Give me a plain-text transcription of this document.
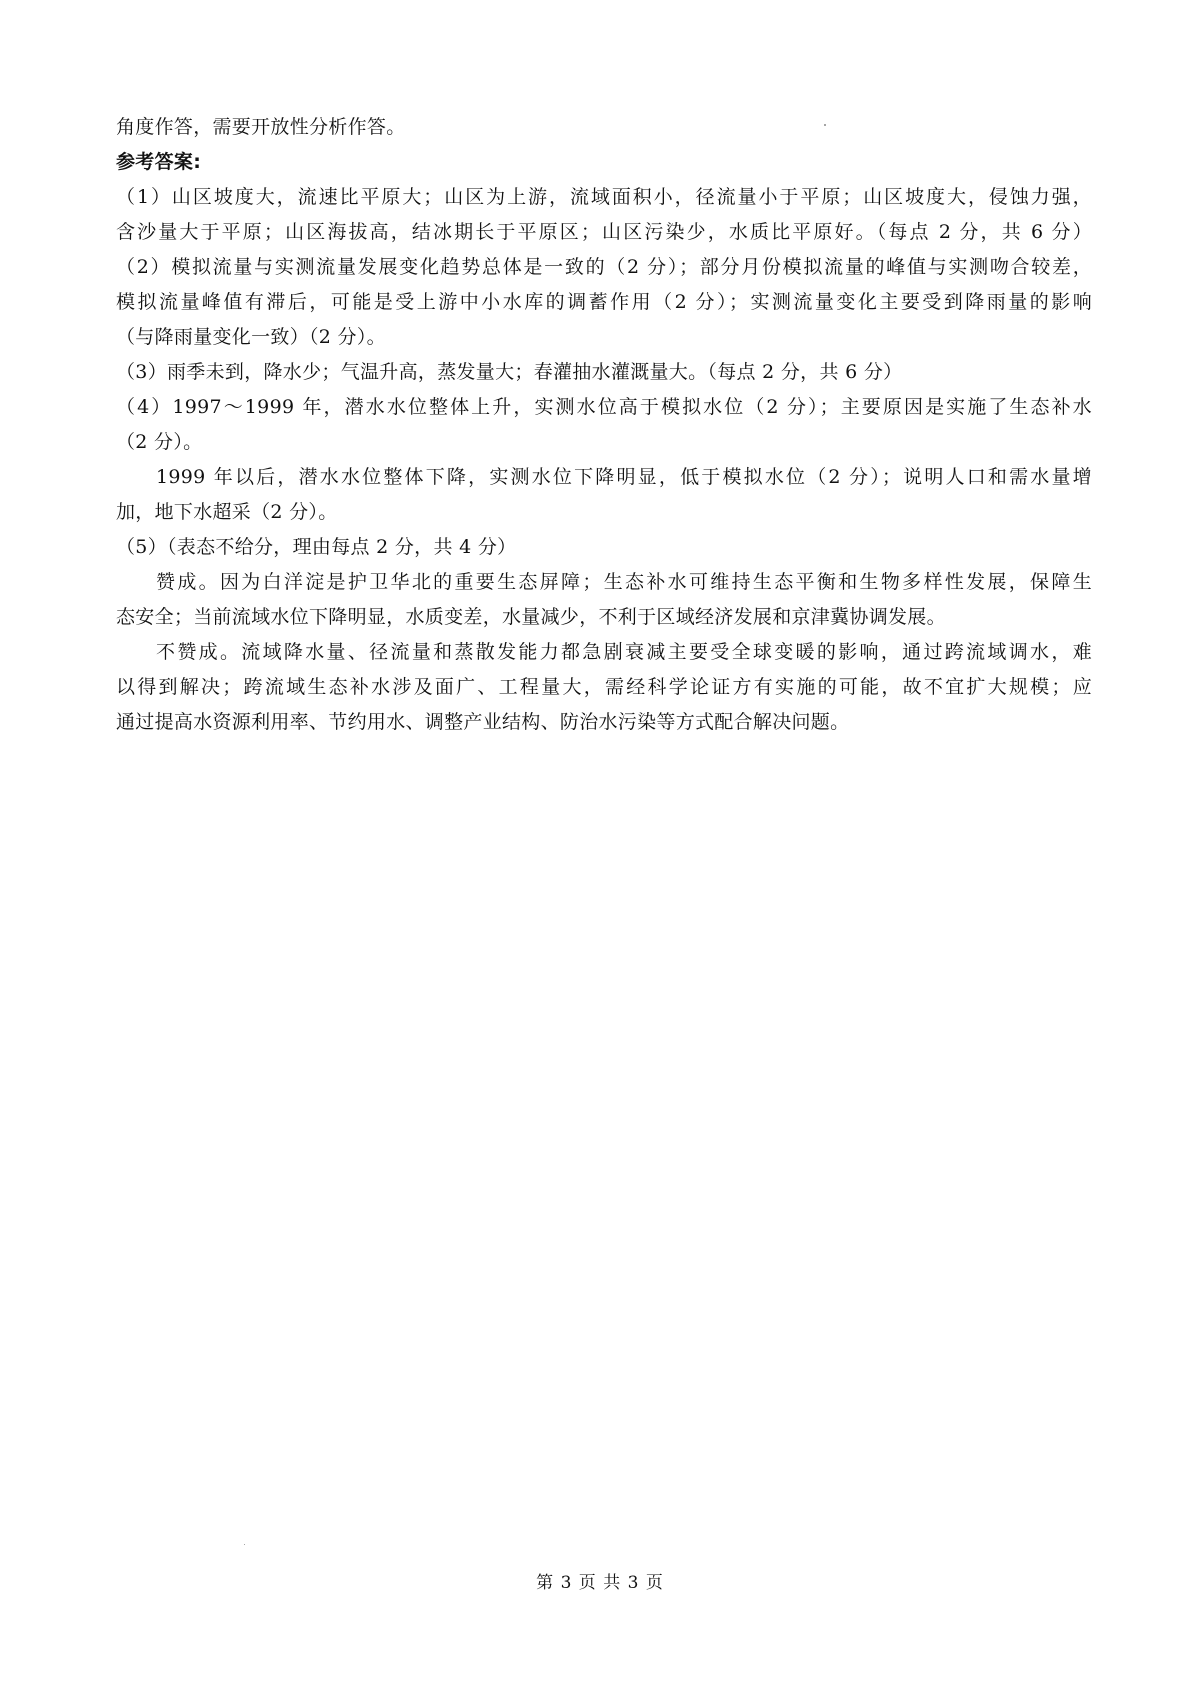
角度作答，需要开放性分析作答。
参考答案:
（1）山区坡度大，流速比平原大；山区为上游，流域面积小，径流量小于平原；山区坡度大，侵蚀力强，
含沙量大于平原；山区海拔高，结冰期长于平原区；山区污染少，水质比平原好。（每点 2 分，共 6 分）
（2）模拟流量与实测流量发展变化趋势总体是一致的（2 分）；部分月份模拟流量的峰值与实测吻合较差，
模拟流量峰值有滞后，可能是受上游中小水库的调蓄作用（2 分）；实测流量变化主要受到降雨量的影响
（与降雨量变化一致）（2 分）。
（3）雨季未到，降水少；气温升高，蒸发量大；春灌抽水灌溉量大。（每点 2 分，共 6 分）
（4）1997～1999 年，潜水水位整体上升，实测水位高于模拟水位（2 分）；主要原因是实施了生态补水
（2 分）。
1999 年以后，潜水水位整体下降，实测水位下降明显，低于模拟水位（2 分）；说明人口和需水量增
加，地下水超采（2 分）。
（5）（表态不给分，理由每点 2 分，共 4 分）
赞成。因为白洋淀是护卫华北的重要生态屏障；生态补水可维持生态平衡和生物多样性发展，保障生
态安全；当前流域水位下降明显，水质变差，水量减少，不利于区域经济发展和京津冀协调发展。
不赞成。流域降水量、径流量和蒸散发能力都急剧衰减主要受全球变暖的影响，通过跨流域调水，难
以得到解决；跨流域生态补水涉及面广、工程量大，需经科学论证方有实施的可能，故不宜扩大规模；应
通过提高水资源利用率、节约用水、调整产业结构、防治水污染等方式配合解决问题。
第 3 页 共 3 页
